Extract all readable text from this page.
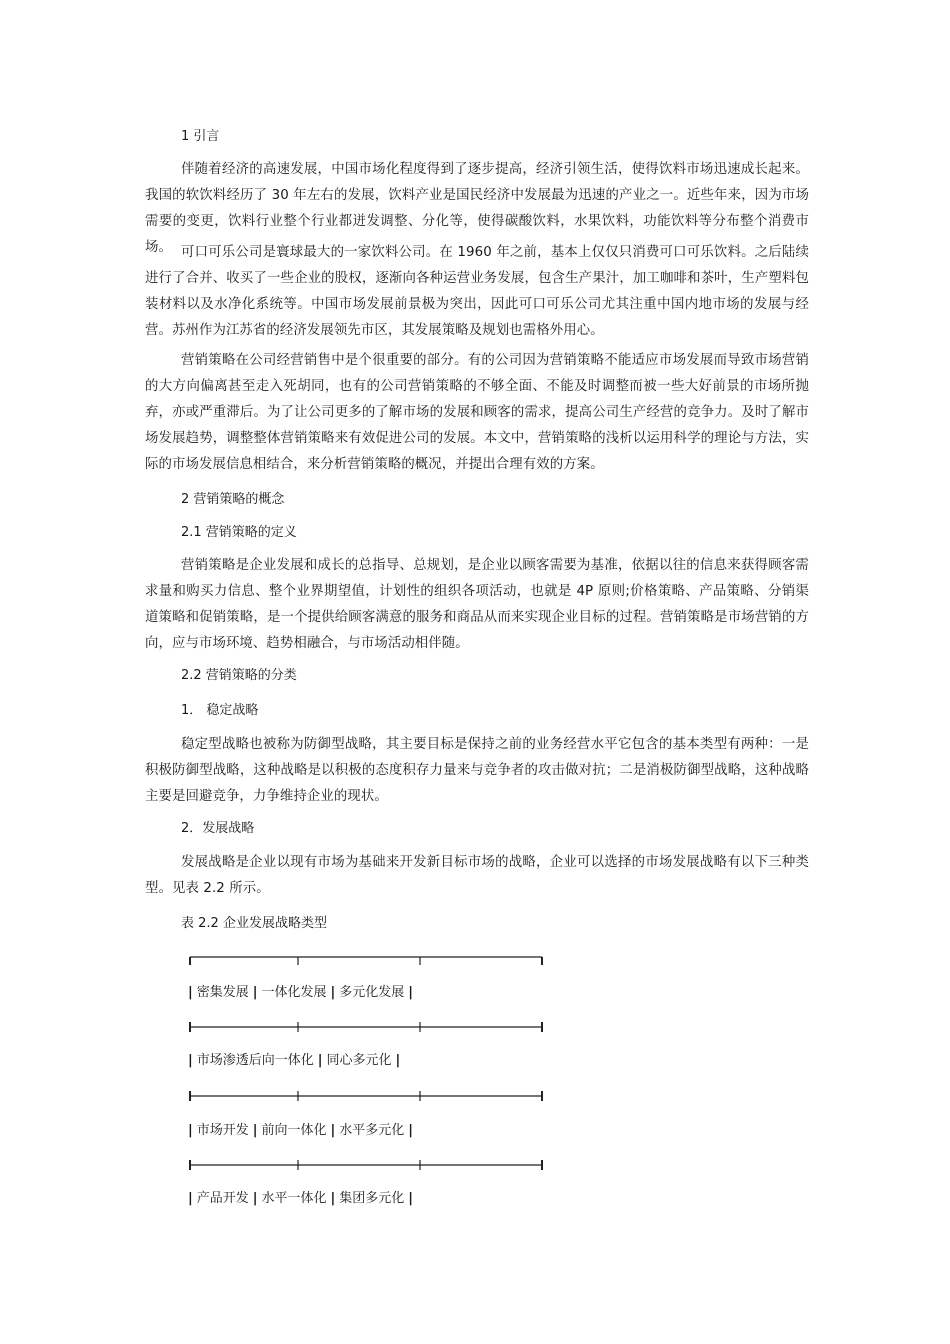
1 引言
伴随着经济的高速发展，中国市场化程度得到了逐步提高，经济引领生活，使得饮料市场迅速成长起来。我国的软饮料经历了 30 年左右的发展，饮料产业是国民经济中发展最为迅速的产业之一。近些年来，因为市场需要的变更，饮料行业整个行业都迸发调整、分化等，使得碳酸饮料，水果饮料，功能饮料等分布整个消费市场。 可口可乐公司是寰球最大的一家饮料公司。在 1960 年之前，基本上仅仅只消费可口可乐饮料。之后陆续进行了合并、收买了一些企业的股权，逐渐向各种运营业务发展，包含生产果汁，加工咖啡和茶叶，生产塑料包装材料以及水净化系统等。中国市场发展前景极为突出，因此可口可乐公司尤其注重中国内地市场的发展与经营。苏州作为江苏省的经济发展领先市区，其发展策略及规划也需格外用心。
营销策略在公司经营销售中是个很重要的部分。有的公司因为营销策略不能适应市场发展而导致市场营销的大方向偏离甚至走入死胡同，也有的公司营销策略的不够全面、不能及时调整而被一些大好前景的市场所抛弃，亦或严重滞后。为了让公司更多的了解市场的发展和顾客的需求，提高公司生产经营的竞争力。及时了解市场发展趋势，调整整体营销策略来有效促进公司的发展。本文中，营销策略的浅析以运用科学的理论与方法，实际的市场发展信息相结合，来分析营销策略的概况，并提出合理有效的方案。
2 营销策略的概念
2.1 营销策略的定义
营销策略是企业发展和成长的总指导、总规划，是企业以顾客需要为基准，依据以往的信息来获得顾客需求量和购买力信息、整个业界期望值，计划性的组织各项活动，也就是 4P 原则;价格策略、产品策略、分销渠道策略和促销策略，是一个提供给顾客满意的服务和商品从而来实现企业目标的过程。营销策略是市场营销的方向，应与市场环境、趋势相融合，与市场活动相伴随。
2.2 营销策略的分类
1． 稳定战略
稳定型战略也被称为防御型战略，其主要目标是保持之前的业务经营水平它包含的基本类型有两种：一是积极防御型战略，这种战略是以积极的态度积存力量来与竞争者的攻击做对抗；二是消极防御型战略，这种战略主要是回避竞争，力争维持企业的现状。
2．发展战略
发展战略是企业以现有市场为基础来开发新目标市场的战略，企业可以选择的市场发展战略有以下三种类型。见表 2.2 所示。
表 2.2 企业发展战略类型
| 密集发展 | 一体化发展 | 多元化发展 |
| 市场渗透后向一体化 | 同心多元化 |
| 市场开发 | 前向一体化 | 水平多元化 |
| 产品开发 | 水平一体化 | 集团多元化 |
